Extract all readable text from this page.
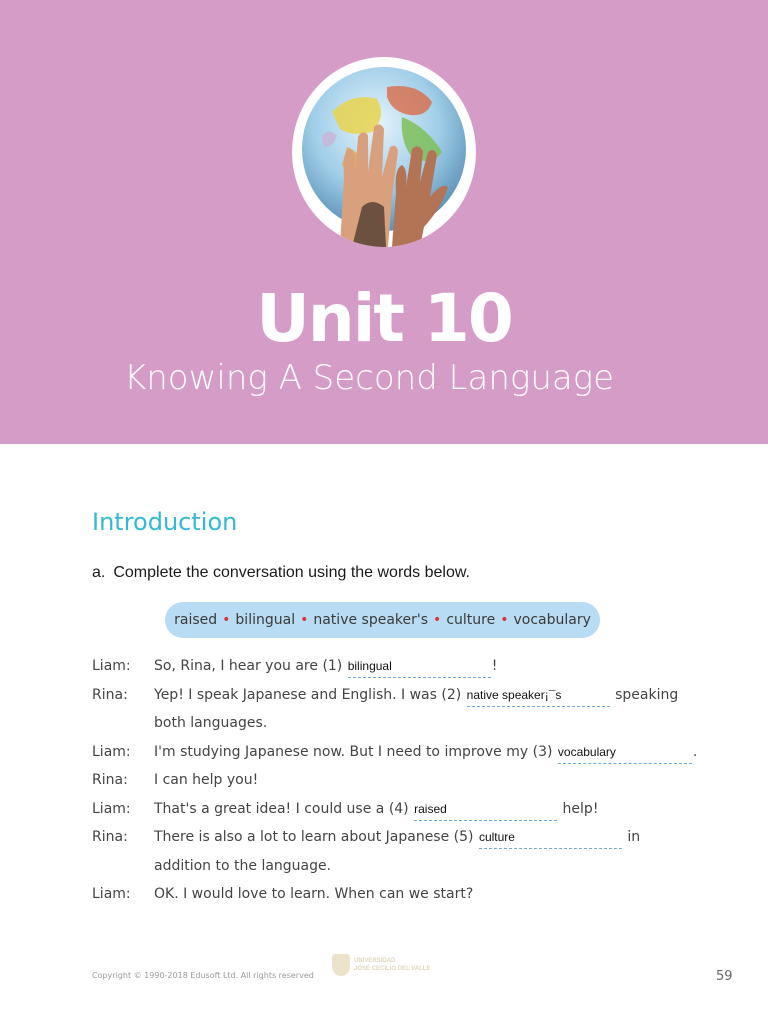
Unit 10
Knowing A Second Language
Introduction
a. Complete the conversation using the words below.
raised • bilingual • native speaker's • culture • vocabulary
Liam:	So, Rina, I hear you are (1) bilingual	!
Rina:	Yep! I speak Japanese and English. I was (2) native speaker¡¯s	speaking
both languages.
Liam:	I'm studying Japanese now. But I need to improve my (3) vocabulary	.
Rina:	I can help you!
Liam:	That's a great idea! I could use a (4) raised	help!
Rina:	There is also a lot to learn about Japanese (5) culture	in
addition to the language.
Liam:	OK. I would love to learn. When can we start?
Copyright © 1990-2018 Edusoft Ltd. All rights reserved
UNIVERSIDAD
JOSÉ CECILIO DEL VALLE	59
